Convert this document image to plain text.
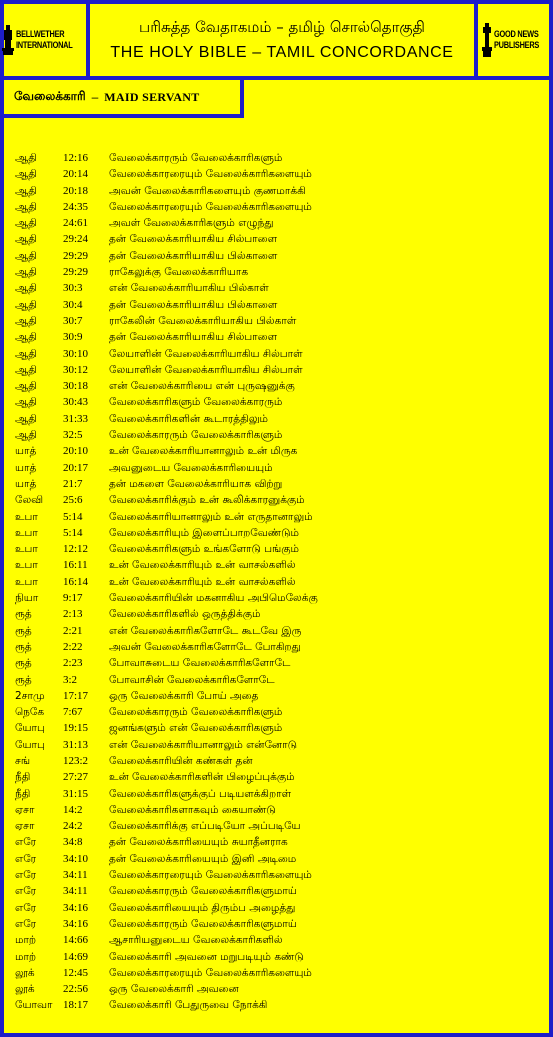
BELLWETHER
INTERNATIONAL
பரிசுத்த வேதாகமம் – தமிழ் சொல்தொகுதி
THE HOLY BIBLE – TAMIL CONCORDANCE
GOOD NEWS
PUBLISHERS
வேலைக்காரி – MAID SERVANT
ஆதி 12:16 வேலைக்காரரும் வேலைக்காரிகளும்
ஆதி 20:14 வேலைக்காரரையும் வேலைக்காரிகளையும்
ஆதி 20:18 அவன் வேலைக்காரிகளையும் குணமாக்கி
ஆதி 24:35 வேலைக்காரரையும் வேலைக்காரிகளையும்
ஆதி 24:61 அவள் வேலைக்காரிகளும் எழுந்து
ஆதி 29:24 தன் வேலைக்காரியாகிய சில்பாளை
ஆதி 29:29 தன் வேலைக்காரியாகிய பில்காளை
ஆதி 29:29 ராகேலுக்கு வேலைக்காரியாக
ஆதி 30:3	என் வேலைக்காரியாகிய பில்காள்
ஆதி 30:4	தன் வேலைக்காரியாகிய பில்காளை
ஆதி 30:7	ராகேலின் வேலைக்காரியாகிய பில்காள்
ஆதி 30:9	தன் வேலைக்காரியாகிய சில்பாளை
ஆதி 30:10 லேயாளின் வேலைக்காரியாகிய சில்பாள்
ஆதி 30:12 லேயாளின் வேலைக்காரியாகிய சில்பாள்
ஆதி 30:18 என் வேலைக்காரியை என் புருஷனுக்கு
ஆதி 30:43 வேலைக்காரிகளும் வேலைக்காரரும்
ஆதி 31:33 வேலைக்காரிகளின் கூடாரத்திலும்
ஆதி 32:5	வேலைக்காரரும் வேலைக்காரிகளும்
யாத் 20:10 உன் வேலைக்காரியானாலும் உன் மிருக
யாத் 20:17 அவனுடைய வேலைக்காரியையும்
யாத் 21:7	தன் மகளை வேலைக்காரியாக விற்று
லேவி 25:6	வேலைக்காரிக்கும் உன் கூலிக்காரனுக்கும்
உபா 5:14	வேலைக்காரியானாலும் உன் எருதானாலும்
உபா 5:14	வேலைக்காரியும் இளைப்பாறவேண்டும்
உபா 12:12 வேலைக்காரிகளும் உங்களோடு பங்கும்
உபா 16:11 உன் வேலைக்காரியும் உன் வாசல்களில்
உபா 16:14 உன் வேலைக்காரியும் உன் வாசல்களில்
நியா 9:17	வேலைக்காரியின் மகனாகிய அபிமெலேக்கு
ரூத்	2:13	வேலைக்காரிகளில் ஒருத்திக்கும்
ரூத்	2:21	என் வேலைக்காரிகளோடே கூடவே இரு
ரூத்	2:22	அவன் வேலைக்காரிகளோடே போகிறது
ரூத்	2:23	போவாசுடைய வேலைக்காரிகளோடே
ரூத்	3:2	போவாசின் வேலைக்காரிகளோடே
2சாமு 17:17 ஒரு வேலைக்காரி போய் அதை
நெகே 7:67	வேலைக்காரரும் வேலைக்காரிகளும்
யோபு 19:15 ஜனங்களும் என் வேலைக்காரிகளும்
யோபு 31:13 என் வேலைக்காரியானாலும் என்னோடு
சங்	123:2 வேலைக்காரியின் கண்கள் தன்
நீதி	27:27 உன் வேலைக்காரிகளின் பிழைப்புக்கும்
நீதி	31:15 வேலைக்காரிகளுக்குப் படியளக்கிறாள்
ஏசா	14:2	வேலைக்காரிகளாகவும் கையாண்டு
ஏசா	24:2	வேலைக்காரிக்கு எப்படியோ அப்படியே
எரே 34:8	தன் வேலைக்காரியையும் சுயாதீனராக
எரே 34:10 தன் வேலைக்காரியையும் இனி அடிமை
எரே 34:11 வேலைக்காரரையும் வேலைக்காரிகளையும்
எரே 34:11 வேலைக்காரரும் வேலைக்காரிகளுமாய்
எரே 34:16 வேலைக்காரியையும் திரும்ப அழைத்து
எரே 34:16 வேலைக்காரரும் வேலைக்காரிகளுமாய்
மாற் 14:66 ஆசாரியனுடைய வேலைக்காரிகளில்
மாற் 14:69 வேலைக்காரி அவனை மறுபடியும் கண்டு
லூக்	12:45 வேலைக்காரரையும் வேலைக்காரிகளையும்
லூக்	22:56 ஒரு வேலைக்காரி அவனை
யோவா 18:17 வேலைக்காரி பேதுருவை நோக்கி
